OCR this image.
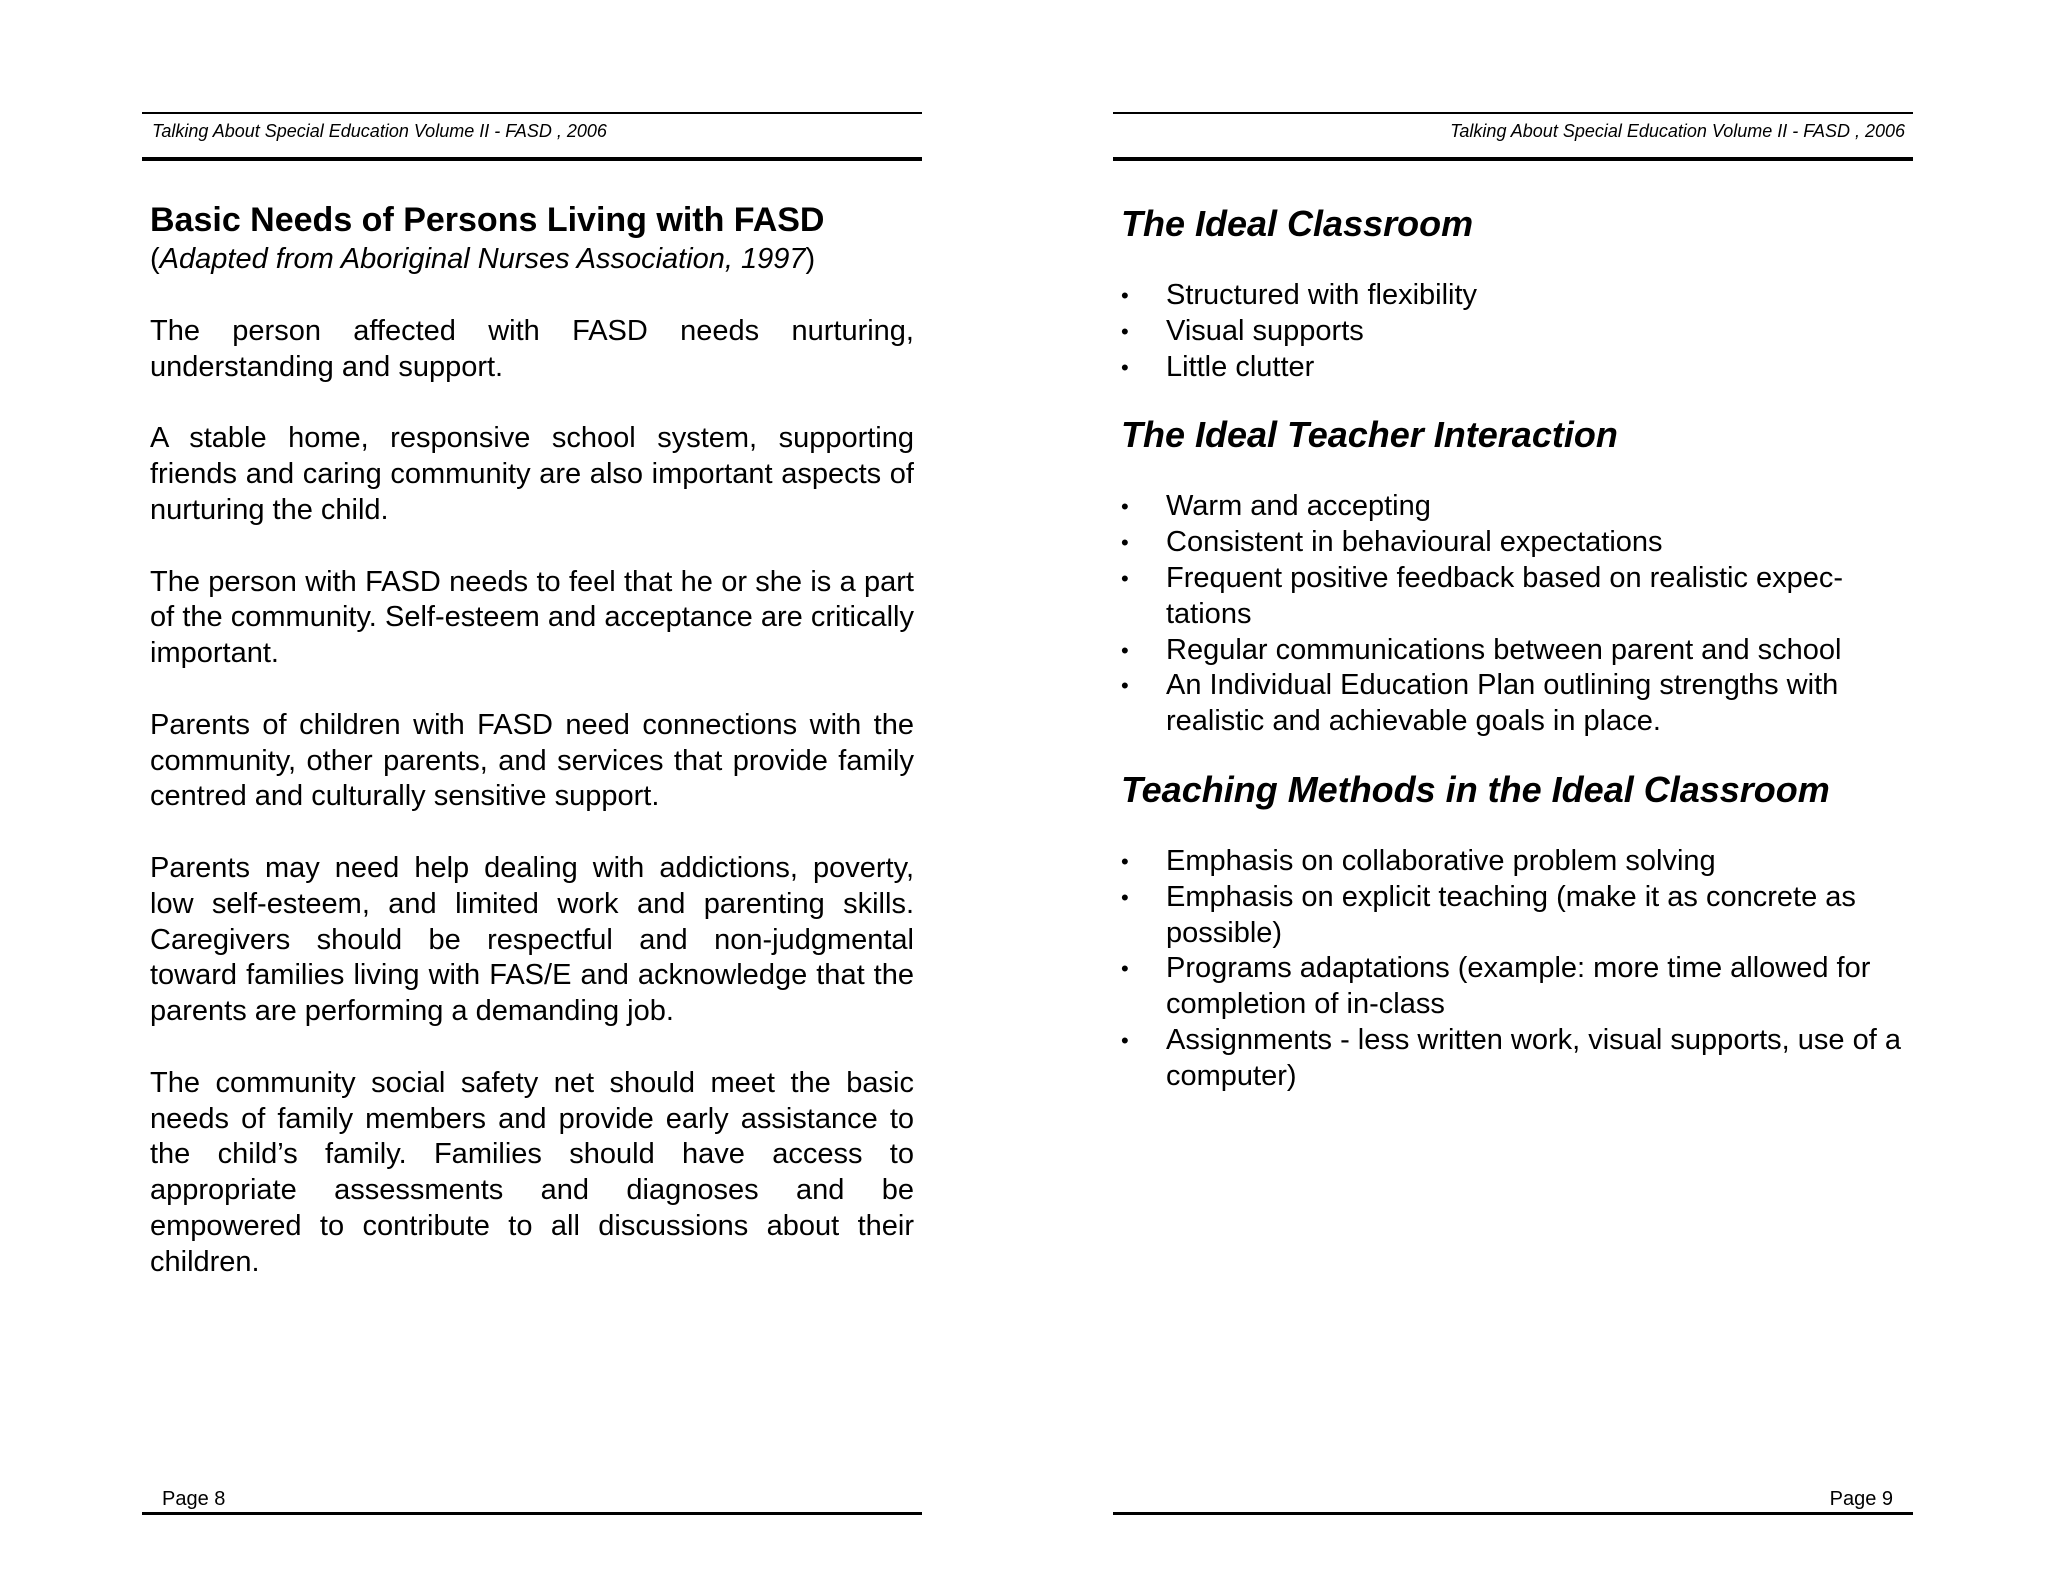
Talking About Special Education Volume II - FASD , 2006
Basic Needs of Persons Living with FASD

(Adapted from Aboriginal Nurses Association, 1997)

The person affected with FASD needs nurturing, understanding and support.

A stable home, responsive school system, supporting friends and caring community are also important aspects of nurturing the child.

The person with FASD needs to feel that he or she is a part of the community. Self-esteem and acceptance are critically important.

Parents of children with FASD need connections with the community, other parents, and services that provide family centred and culturally sensitive support.

Parents may need help dealing with addictions, poverty, low self-esteem, and limited work and parenting skills. Caregivers should be respectful and non-judgmental toward families living with FAS/E and acknowledge that the parents are performing a demanding job.

The community social safety net should meet the basic needs of family members and provide early assistance to the child’s family. Families should have access to appropriate assessments and diagnoses and be empowered to contribute to all discussions about their children.

Page 8
Talking About Special Education Volume II - FASD , 2006
The Ideal Classroom
•	Structured with flexibility
•	Visual supports
•	Little clutter
The Ideal Teacher Interaction
•	Warm and accepting
•	Consistent in behavioural expectations
•	Frequent positive feedback based on realistic expec-tations
•	Regular communications between parent and school
•	An Individual Education Plan outlining strengths with realistic and achievable goals in place.
Teaching Methods in the Ideal Classroom
•	Emphasis on collaborative problem solving
•	Emphasis on explicit teaching (make it as concrete as possible)
•	Programs adaptations (example: more time allowed for completion of in-class
•	Assignments - less written work, visual supports, use of a computer)
Page 9
